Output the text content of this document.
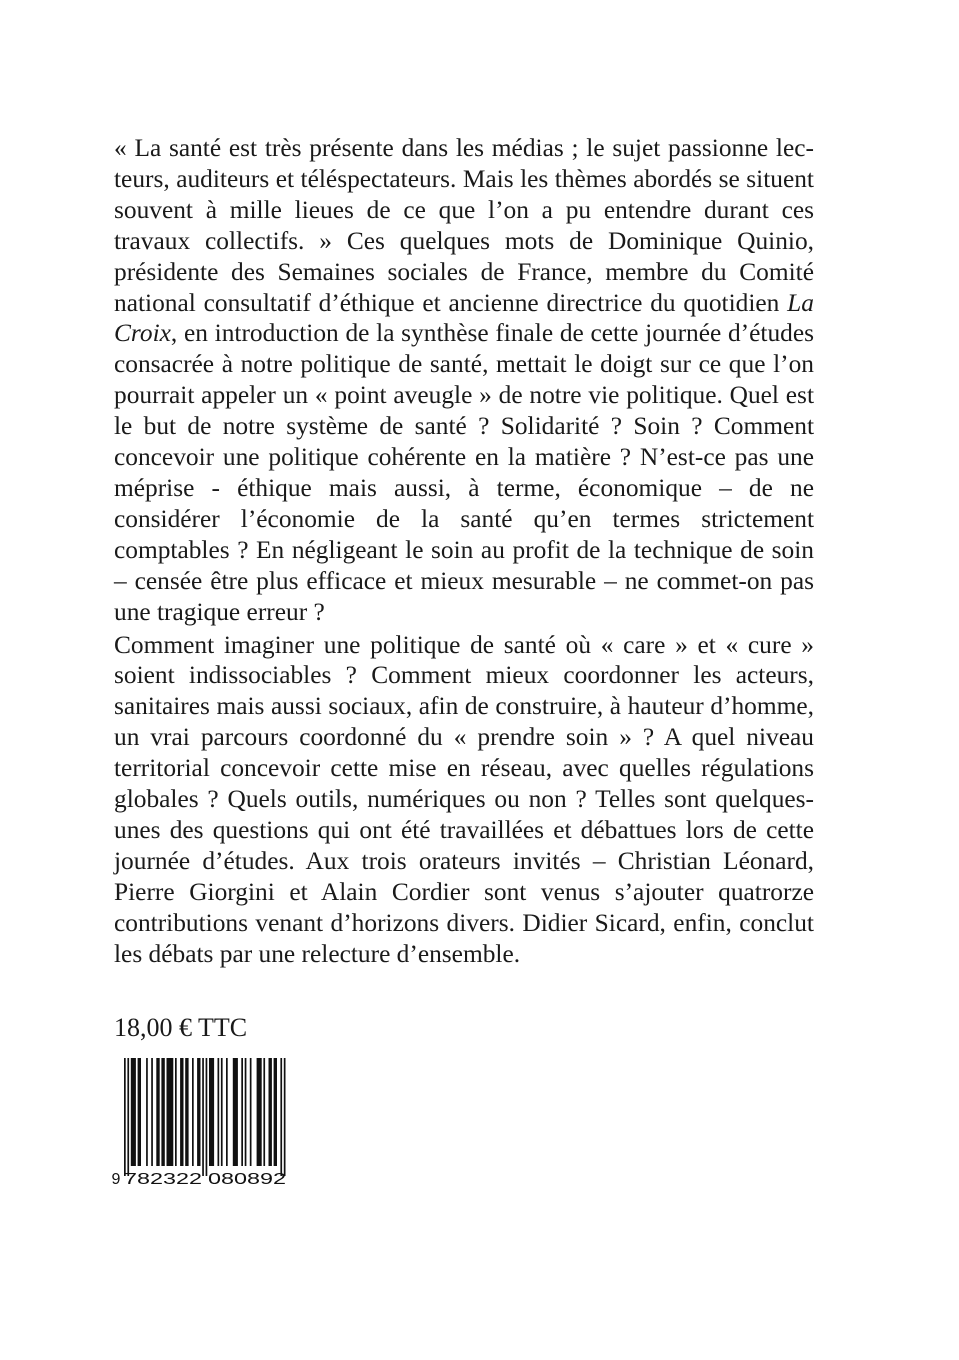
« La santé est très présente dans les médias ; le sujet passionne lecteurs, auditeurs et téléspectateurs. Mais les thèmes abordés se situent souvent à mille lieues de ce que l’on a pu entendre durant ces travaux collectifs. » Ces quelques mots de Dominique Quinio, présidente des Semaines sociales de France, membre du Comité national consultatif d’éthique et ancienne directrice du quotidien La Croix, en introduction de la synthèse finale de cette journée d’études consacrée à notre politique de santé, mettait le doigt sur ce que l’on pourrait appeler un « point aveugle » de notre vie politique. Quel est le but de notre système de santé ? Solidarité ? Soin ? Comment concevoir une politique cohérente en la matière ? N’est-ce pas une méprise - éthique mais aussi, à terme, économique – de ne considérer l’économie de la santé qu’en termes strictement comptables ? En négligeant le soin au profit de la technique de soin – censée être plus efficace et mieux mesurable – ne commet-on pas une tragique erreur ?

Comment imaginer une politique de santé où « care » et « cure » soient indissociables ? Comment mieux coordonner les acteurs, sanitaires mais aussi sociaux, afin de construire, à hauteur d’homme, un vrai parcours coordonné du « prendre soin » ? A quel niveau territorial concevoir cette mise en réseau, avec quelles régulations globales ? Quels outils, numériques ou non ? Telles sont quelques-unes des questions qui ont été travaillées et débattues lors de cette journée d’études. Aux trois orateurs invités – Christian Léonard, Pierre Giorgini et Alain Cordier sont venus s’ajouter quatrorze contributions venant d’horizons divers. Didier Sicard, enfin, conclut les débats par une relecture d’ensemble.

18,00 € TTC
9 782322 080892
